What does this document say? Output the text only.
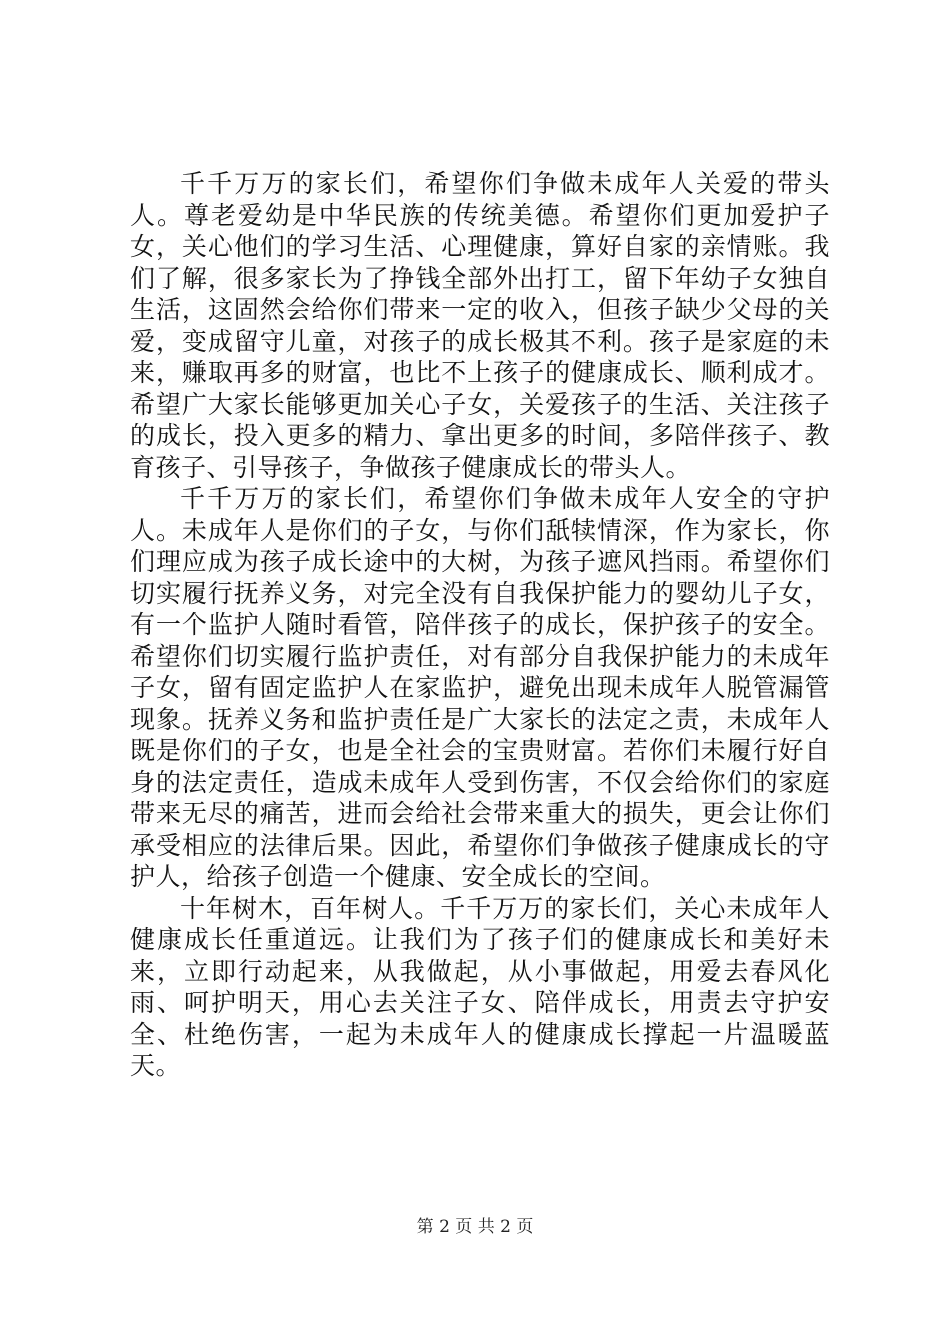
千千万万的家长们，希望你们争做未成年人关爱的带头人。尊老爱幼是中华民族的传统美德。希望你们更加爱护子女，关心他们的学习生活、心理健康，算好自家的亲情账。我们了解，很多家长为了挣钱全部外出打工，留下年幼子女独自生活，这固然会给你们带来一定的收入，但孩子缺少父母的关爱，变成留守儿童，对孩子的成长极其不利。孩子是家庭的未来，赚取再多的财富，也比不上孩子的健康成长、顺利成才。希望广大家长能够更加关心子女，关爱孩子的生活、关注孩子的成长，投入更多的精力、拿出更多的时间，多陪伴孩子、教育孩子、引导孩子，争做孩子健康成长的带头人。

千千万万的家长们，希望你们争做未成年人安全的守护人。未成年人是你们的子女，与你们舐犊情深，作为家长，你们理应成为孩子成长途中的大树，为孩子遮风挡雨。希望你们切实履行抚养义务，对完全没有自我保护能力的婴幼儿子女，有一个监护人随时看管，陪伴孩子的成长，保护孩子的安全。希望你们切实履行监护责任，对有部分自我保护能力的未成年子女，留有固定监护人在家监护，避免出现未成年人脱管漏管现象。抚养义务和监护责任是广大家长的法定之责，未成年人既是你们的子女，也是全社会的宝贵财富。若你们未履行好自身的法定责任，造成未成年人受到伤害，不仅会给你们的家庭带来无尽的痛苦，进而会给社会带来重大的损失，更会让你们承受相应的法律后果。因此，希望你们争做孩子健康成长的守护人，给孩子创造一个健康、安全成长的空间。

十年树木，百年树人。千千万万的家长们，关心未成年人健康成长任重道远。让我们为了孩子们的健康成长和美好未来，立即行动起来，从我做起，从小事做起，用爱去春风化雨、呵护明天，用心去关注子女、陪伴成长，用责去守护安全、杜绝伤害，一起为未成年人的健康成长撑起一片温暖蓝天。

第 2 页 共 2 页
